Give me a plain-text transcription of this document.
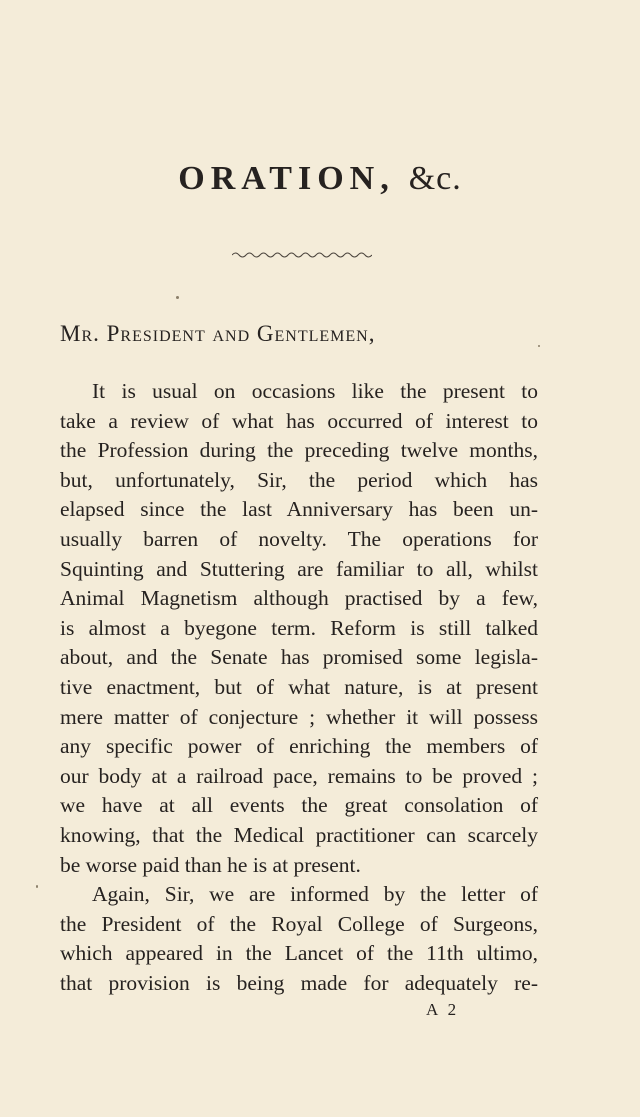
ORATION, &c.
Mr. President and Gentlemen,
It is usual on occasions like the present to
take a review of what has occurred of interest to
the Profession during the preceding twelve months,
but, unfortunately, Sir, the period which has
elapsed since the last Anniversary has been un-
usually barren of novelty. The operations for
Squinting and Stuttering are familiar to all, whilst
Animal Magnetism although practised by a few,
is almost a byegone term. Reform is still talked
about, and the Senate has promised some legisla-
tive enactment, but of what nature, is at present
mere matter of conjecture ; whether it will possess
any specific power of enriching the members of
our body at a railroad pace, remains to be proved ;
we have at all events the great consolation of
knowing, that the Medical practitioner can scarcely
be worse paid than he is at present.
Again, Sir, we are informed by the letter of
the President of the Royal College of Surgeons,
which appeared in the Lancet of the 11th ultimo,
that provision is being made for adequately re-
A 2
